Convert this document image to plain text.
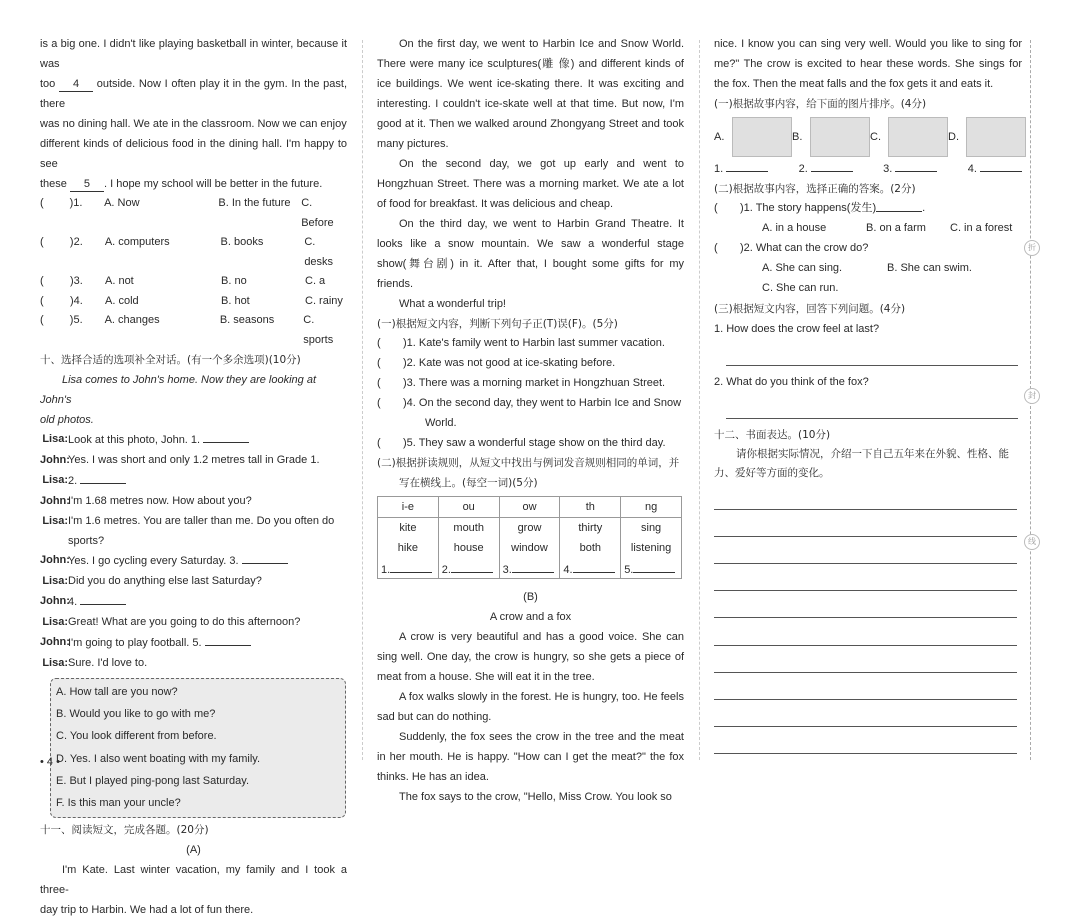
is a big one. I didn't like playing basketball in winter, because it was

too 4 outside. Now I often play it in the gym. In the past, there

was no dining hall. We ate in the classroom. Now we can enjoy

different kinds of delicious food in the dining hall. I'm happy to see

these 5 . I hope my school will be better in the future.

(	)1.	A. Now	B. In the future C. Before
(	)2.	A. computers	B. books	C. desks
(	)3.	A. not	B. no	C. a
(	)4.	A. cold	B. hot	C. rainy
(	)5.	A. changes	B. seasons	C. sports

十、选择合适的选项补全对话。(有一个多余选项)(10分)

Lisa comes to John's home. Now they are looking at John's

old photos.

Lisa: Look at this photo, John. 1.
John:
Yes. I was short and only 1.2 metres tall in Grade 1.
Lisa: 2.
John:
I'm 1.68 metres now. How about you?
Lisa: I'm 1.6 metres. You are taller than me. Do you often do
sports?
John:
Yes. I go cycling every Saturday. 3.
Lisa: Did you do anything else last Saturday?
John:
4.
Lisa: Great! What are you going to do this afternoon?
John:
I'm going to play football. 5.
Lisa: Sure. I'd love to.
A. How tall are you now?
B. Would you like to go with me?
C. You look different from before.
D. Yes. I also went boating with my family.
E. But I played ping-pong last Saturday.
F. Is this man your uncle?

十一、阅读短文，完成各题。(20分)

(A)

I'm Kate. Last winter vacation, my family and I took a three-

day trip to Harbin. We had a lot of fun there.

• 4 •

On the first day, we went to Harbin Ice and Snow World. There were many ice sculptures(雕 像) and different kinds of ice buildings. We went ice-skating there. It was exciting and interesting. I couldn't ice-skate well at that time. But now, I'm good at it. Then we walked around Zhongyang Street and took many pictures.

On the second day, we got up early and went to Hongzhuan Street. There was a morning market. We ate a lot of food for breakfast. It was delicious and cheap.

On the third day, we went to Harbin Grand Theatre. It looks like a snow mountain. We saw a wonderful stage show(舞台剧) in it. After that, I bought some gifts for my friends.

What a wonderful trip!

(一)根据短文内容，判断下列句子正(T)误(F)。(5分)

(	)1. Kate's family went to Harbin last summer vacation.
(	)2. Kate was not good at ice-skating before.
(	)3. There was a morning market in Hongzhuan Street.
(	)4. On the second day, they went to Harbin Ice and Snow
World.
(	)5. They saw a wonderful stage show on the third day.

(二)根据拼读规则，从短文中找出与例词发音规则相同的单词，并

写在横线上。(每空一词)(5分)

i-e	ou	ow	th	ng
kite	mouth	grow	thirty	sing
hike	house	window	both	listening
1.	2.	3.	4.	5.

(B)

A crow and a fox

A crow is very beautiful and has a good voice. She can sing well. One day, the crow is hungry, so she gets a piece of meat from a house. She will eat it in the tree.

A fox walks slowly in the forest. He is hungry, too. He feels sad but can do nothing.

Suddenly, the fox sees the crow in the tree and the meat in her mouth. He is happy. "How can I get the meat?" the fox thinks. He has an idea.

The fox says to the crow, "Hello, Miss Crow. You look so

nice. I know you can sing very well. Would you like to sing for me?" The crow is excited to hear these words. She sings for the fox. Then the meat falls and the fox gets it and eats it.

(一)根据故事内容，给下面的图片排序。(4分)

A.	B.	C.	D.
1.	2.	3.	4.

(二)根据故事内容，选择正确的答案。(2分)

(	)1. The story happens(发生)	.
A. in a house	B. on a farm	C. in a forest
(	)2. What can the crow do?
A. She can sing.	B. She can swim.
C. She can run.

(三)根据短文内容，回答下列问题。(4分)

1. How does the crow feel at last?

2. What do you think of the fox?

十二、书面表达。(10分)

请你根据实际情况，介绍一下自己五年来在外貌、性格、能力、爱好等方面的变化。

折
封
线
